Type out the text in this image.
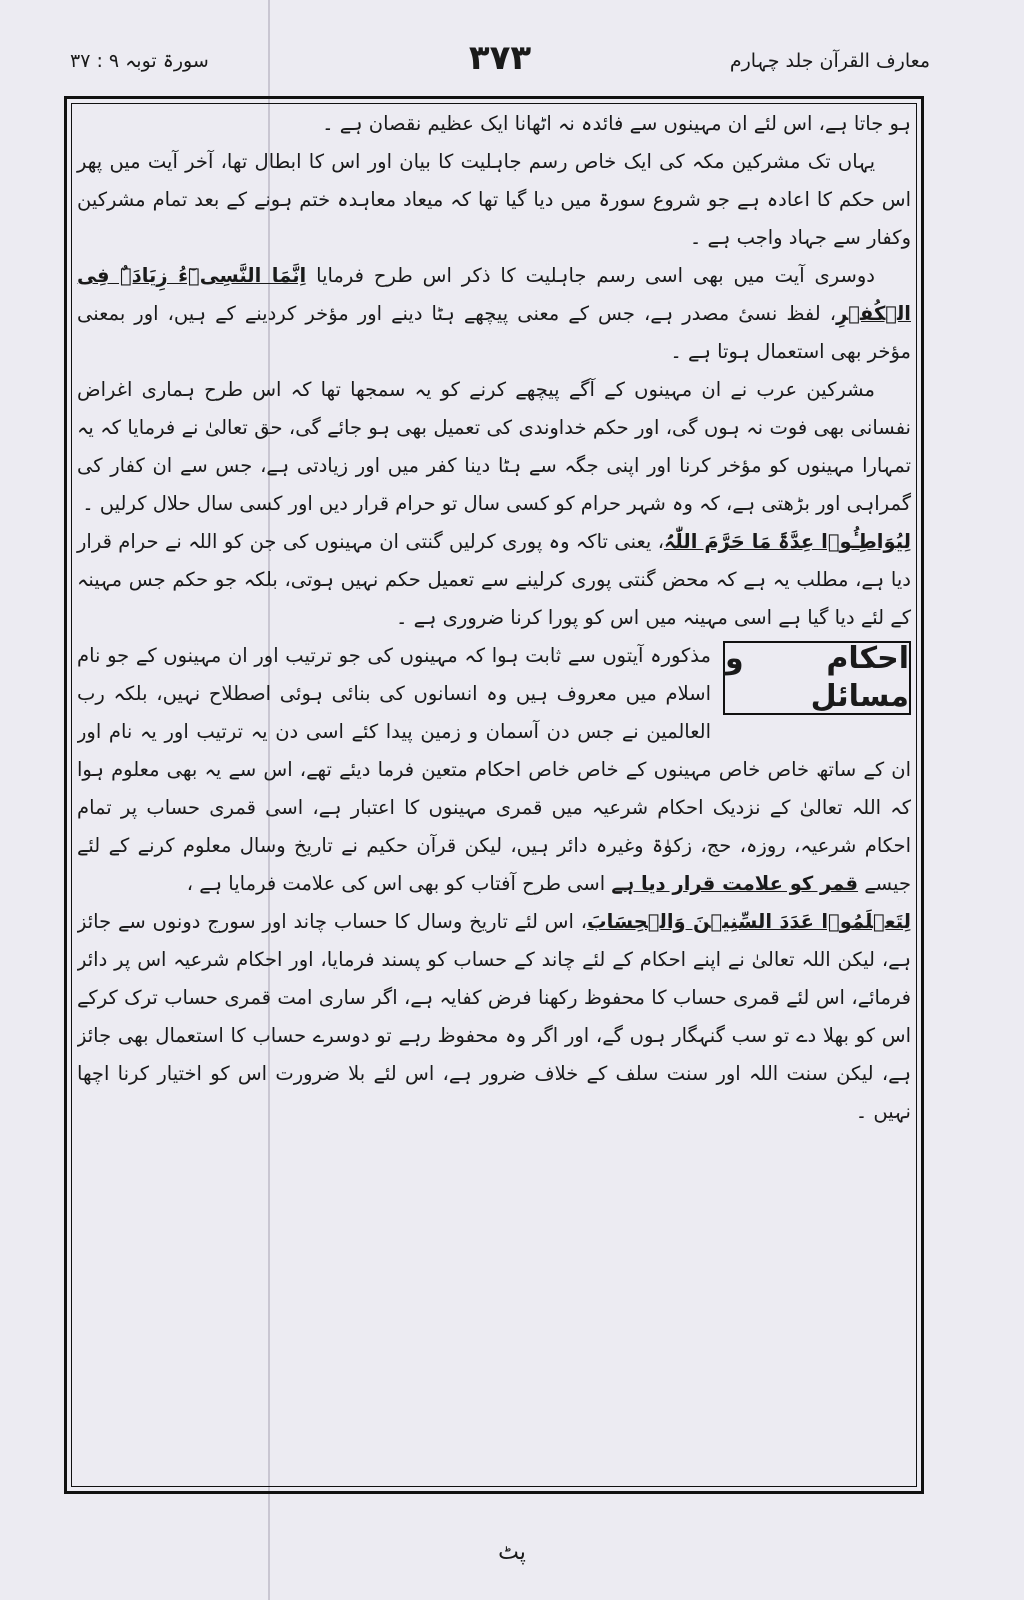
معارف القرآن جلد چہارم
۳۷۳
سورۃ توبہ ۹ : ۳۷

ہو جاتا ہے، اس لئے ان مہینوں سے فائدہ نہ اٹھانا ایک عظیم نقصان ہے ۔

یہاں تک مشرکین مکہ کی ایک خاص رسم جاہلیت کا بیان اور اس کا ابطال تھا، آخر آیت میں پھر اس حکم کا اعادہ ہے جو شروع سورۃ میں دیا گیا تھا کہ میعاد معاہدہ ختم ہونے کے بعد تمام مشرکین وکفار سے جہاد واجب ہے ۔

دوسری آیت میں بھی اسی رسم جاہلیت کا ذکر اس طرح فرمایا اِنَّمَا النَّسِیۡٓءُ زِیَادَۃٌ فِی الۡکُفۡرِ، لفظ نسیٔ مصدر ہے، جس کے معنی پیچھے ہٹا دینے اور مؤخر کردینے کے ہیں، اور بمعنی مؤخر بھی استعمال ہوتا ہے ۔

مشرکین عرب نے ان مہینوں کے آگے پیچھے کرنے کو یہ سمجھا تھا کہ اس طرح ہماری اغراض نفسانی بھی فوت نہ ہوں گی، اور حکم خداوندی کی تعمیل بھی ہو جائے گی، حق تعالیٰ نے فرمایا کہ یہ تمہارا مہینوں کو مؤخر کرنا اور اپنی جگہ سے ہٹا دینا کفر میں اور زیادتی ہے، جس سے ان کفار کی گمراہی اور بڑھتی ہے، کہ وہ شہر حرام کو کسی سال تو حرام قرار دیں اور کسی سال حلال کرلیں ۔

لِیُوَاطِـُٔوۡا عِدَّۃَ مَا حَرَّمَ اللّٰہُ، یعنی تاکہ وہ پوری کرلیں گنتی ان مہینوں کی جن کو اللہ نے حرام قرار دیا ہے، مطلب یہ ہے کہ محض گنتی پوری کرلینے سے تعمیل حکم نہیں ہوتی، بلکہ جو حکم جس مہینہ کے لئے دیا گیا ہے اسی مہینہ میں اس کو پورا کرنا ضروری ہے ۔

احکام و مسائل

مذکورہ آیتوں سے ثابت ہوا کہ مہینوں کی جو ترتیب اور ان مہینوں کے جو نام اسلام میں معروف ہیں وہ انسانوں کی بنائی ہوئی اصطلاح نہیں، بلکہ رب العالمین نے جس دن آسمان و زمین پیدا کئے اسی دن یہ ترتیب اور یہ نام اور ان کے ساتھ خاص خاص مہینوں کے خاص خاص احکام متعین فرما دیئے تھے، اس سے یہ بھی معلوم ہوا کہ اللہ تعالیٰ کے نزدیک احکام شرعیہ میں قمری مہینوں کا اعتبار ہے، اسی قمری حساب پر تمام احکام شرعیہ، روزہ، حج، زکوٰۃ وغیرہ دائر ہیں، لیکن قرآن حکیم نے تاریخ وسال معلوم کرنے کے لئے جیسے قمر کو علامت قرار دیا ہے اسی طرح آفتاب کو بھی اس کی علامت فرمایا ہے ،

لِتَعۡلَمُوۡا عَدَدَ السِّنِیۡنَ وَالۡحِسَابَ، اس لئے تاریخ وسال کا حساب چاند اور سورج دونوں سے جائز ہے، لیکن اللہ تعالیٰ نے اپنے احکام کے لئے چاند کے حساب کو پسند فرمایا، اور احکام شرعیہ اس پر دائر فرمائے، اس لئے قمری حساب کا محفوظ رکھنا فرض کفایہ ہے، اگر ساری امت قمری حساب ترک کرکے اس کو بھلا دے تو سب گنہگار ہوں گے، اور اگر وہ محفوظ رہے تو دوسرے حساب کا استعمال بھی جائز ہے، لیکن سنت اللہ اور سنت سلف کے خلاف ضرور ہے، اس لئے بلا ضرورت اس کو اختیار کرنا اچھا نہیں ۔

پٹ
